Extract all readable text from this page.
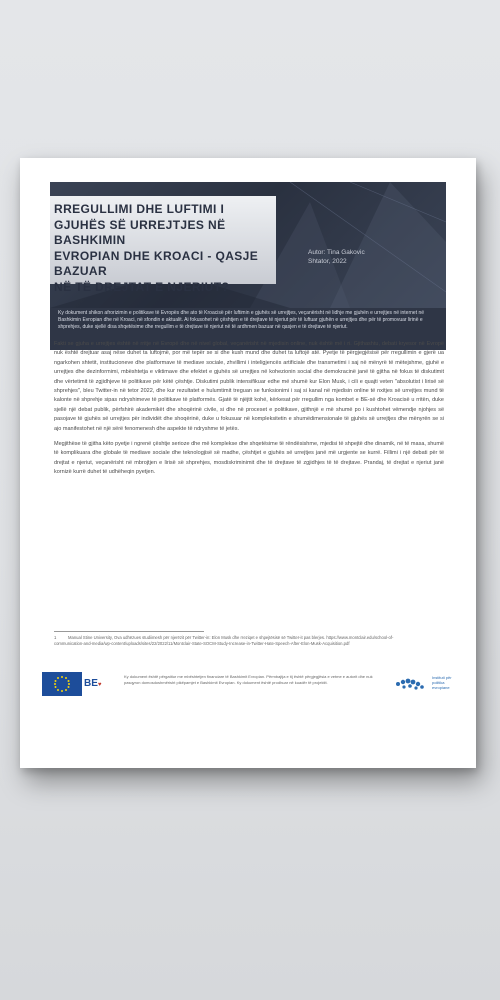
RREGULLIMI DHE LUFTIMI I

GJUHËS SË URREJTJES NË BASHKIMIN

EVROPIAN DHE KROACI - QASJE BAZUAR

NË TË DREJTAT E NJERIUT?

Autor: Tina Gakovic
Shtator, 2022

Ky dokument shikon afrorizimin e politikave të Evropës dhe ato të Kroacisë për luftimin e gjuhës së urrejtjes, veçanërisht në lidhje me gjuhën e urrejtjes në internet në Bashkimin Evropian dhe në Kroaci, në sfondin e aktualit. Ai fokusohet në çështjen e të drejtave të njeriut për të luftuar gjuhën e urrejtjes dhe për të promovuar lirinë e shprehjes, duke sjellë disa shqetësime dhe rregullim e të drejtave të njeriut në të ardhmen bazuar në qasjen e të drejtave të njeriut.

Fakti se gjuha e urrejtjes është në rritje në Evropë dhe në nivel global, veçanërisht në mjedisin online, nuk është më i ri. Gjithashtu, debati kryesor në Evropë nuk është drejtuar asaj nëse duhet ta luftojmë, por më tepër se si dhe kush mund dhe duhet ta luftojë atë. Pyetje të përgjegjësisë për rregullimin e gjerë ua ngarkohen shtetit, institucioneve dhe platformave të mediave sociale, zhvillimi i inteligjencës artificiale dhe transmetimi i saj në mënyrë të mëtejshme, gjuhë e urrejtjes dhe dezinformimi, mbështetja e viktimave dhe efektet e gjuhës së urrejtjes në kohezionin social dhe demokracinë janë të gjitha në fokus të diskutimit dhe vërtetimit të zgjidhjeve të politikave për këtë çështje. Diskutimi publik intensifikuar edhe më shumë kur Elon Musk, i cili e quajti veten "absolutist i lirisë së shprehjes", bleu Twitter-in në tetor 2022, dhe kur rezultatet e hulumtimit treguan se funksionimi i saj si kanal në mjedisin online të nxitjes së urrejtjes mund të kalonte në shprehje sipas ndryshimeve të politikave të platformës. Gjatë të njëjtit kohë, kërkesat për rregullim nga kombet e BE-së dhe Kroacisë u rritën, duke sjellë një debat publik, përfshirë akademikët dhe shoqërinë civile, si dhe në proceset e politikave, gjithnjë e më shumë po i kushtohet vëmendje njohjes së pasojave të gjuhës së urrejtjes për individët dhe shoqërinë, duke u fokusuar në kompleksitetin e shumëdimensionale të gjuhës së urrejtjes dhe mënyrën se si ajo manifestohet në një sërë fenomenesh dhe aspekte të ndryshme të jetës.

Megjithëse të gjitha këto pyetje i ngrenë çështje serioze dhe më komplekse dhe shqetësime të rëndësishme, mjedisi të shpejtë dhe dinamik, në të masa, shumë të komplikuara dhe globale të mediave sociale dhe teknologjisë së madhe, çështjet e gjuhës së urrejtjes janë më urgjente se kurrë. Fillimi i një debati për të drejtat e njeriut, veçanërisht në mbrojtjen e lirisë së shprehjes, mosdiskriminimit dhe të drejtave të zgjidhjes të të drejtave. Prandaj, të drejtat e njeriut janë kornizë kurrë duhet të udhëheqin pyetjen.

1	Manual Stine University, Ova udhëzues studiimesh për njerëzit për Twitter-in: Elon Musk dhe rreziqet e shpejtësisë së Twitter-it pas blerjes. https://www.montclair.edu/school-of-communication-and-media/wp-content/uploads/sites/22/2022/11/Montclair-State-SOCM-Study-Increase-in-Twitter-Hate-Speech-After-Elon-Musk-Acquisition.pdf
BE♥
Ky dokument është përgatitur me mbështetjen financiare të Bashkimit Evropian. Përmbajtja e tij është përgjegjësia e vetme e autorit dhe nuk pasqyron domosdoshmërisht pikëpamjet e Bashkimit Evropian. Ky dokument është prodhuar në kuadër të projektit.
Instituti për politika evropiane
